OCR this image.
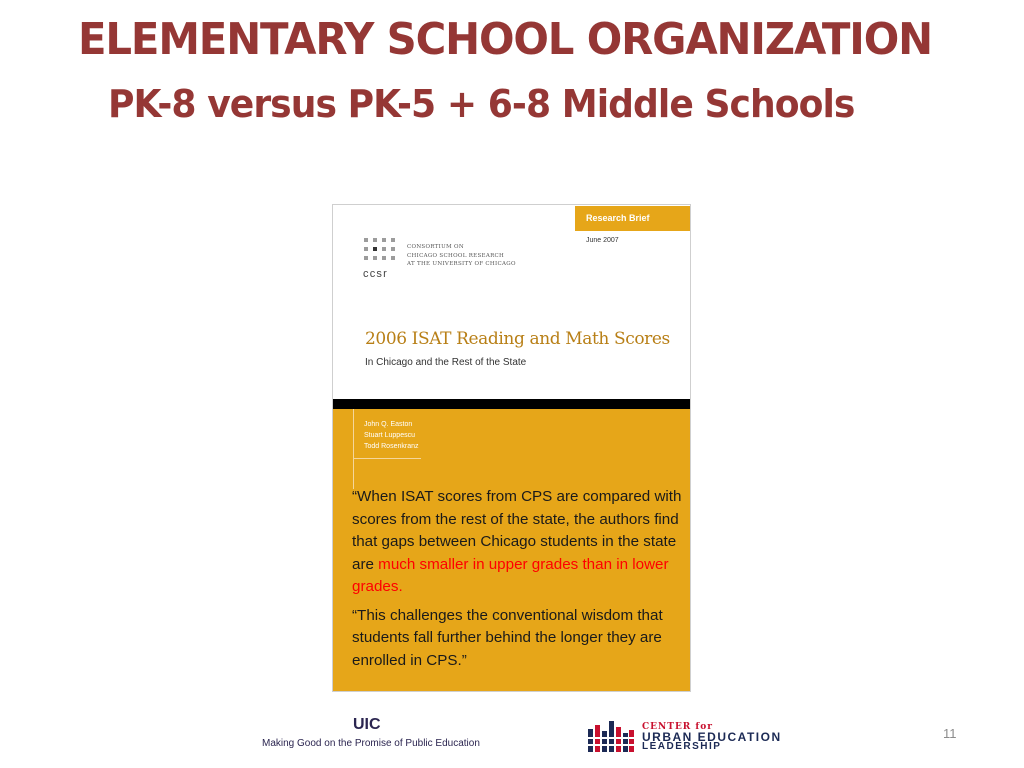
ELEMENTARY SCHOOL ORGANIZATION
PK-8 versus PK-5 + 6-8 Middle Schools
Research Brief
June 2007
CONSORTIUM ON
CHICAGO SCHOOL RESEARCH
AT THE UNIVERSITY OF CHICAGO
ccsr
2006 ISAT Reading and Math Scores
In Chicago and the Rest of the State
John Q. Easton
Stuart Luppescu
Todd Rosenkranz

“When ISAT scores from CPS are compared with scores from the rest of the state, the authors find that gaps between Chicago students in the state are much smaller in upper grades than in lower grades.

“This challenges the conventional wisdom that students fall further behind the longer they are enrolled in CPS.”

UIC
Making Good on the Promise of Public Education
CENTER for
URBAN EDUCATION
LEADERSHIP
11
